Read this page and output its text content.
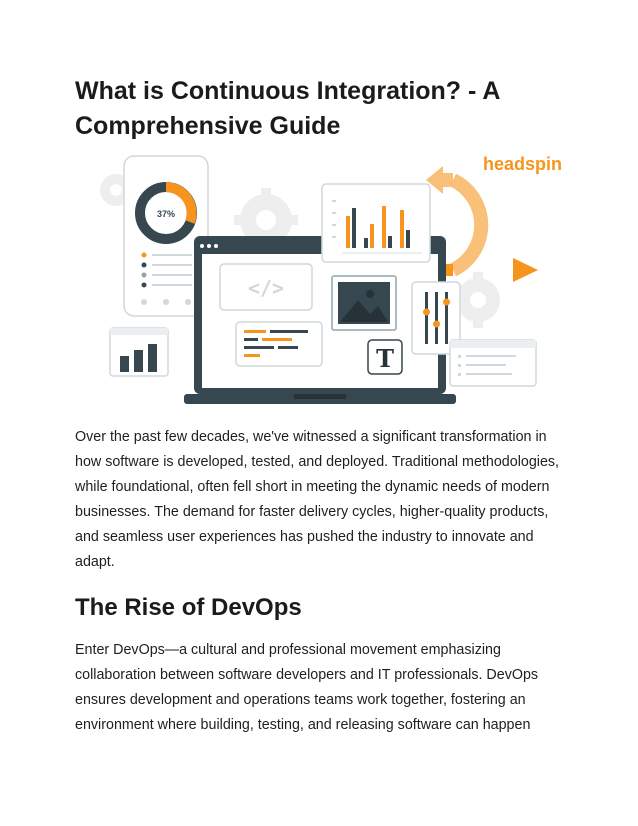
What is Continuous Integration? - A Comprehensive Guide
headspin
37%
</>
T

Over the past few decades, we've witnessed a significant transformation in how software is developed, tested, and deployed. Traditional methodologies, while foundational, often fell short in meeting the dynamic needs of modern businesses. The demand for faster delivery cycles, higher-quality products, and seamless user experiences has pushed the industry to innovate and adapt.

The Rise of DevOps

Enter DevOps—a cultural and professional movement emphasizing collaboration between software developers and IT professionals. DevOps ensures development and operations teams work together, fostering an environment where building, testing, and releasing software can happen
